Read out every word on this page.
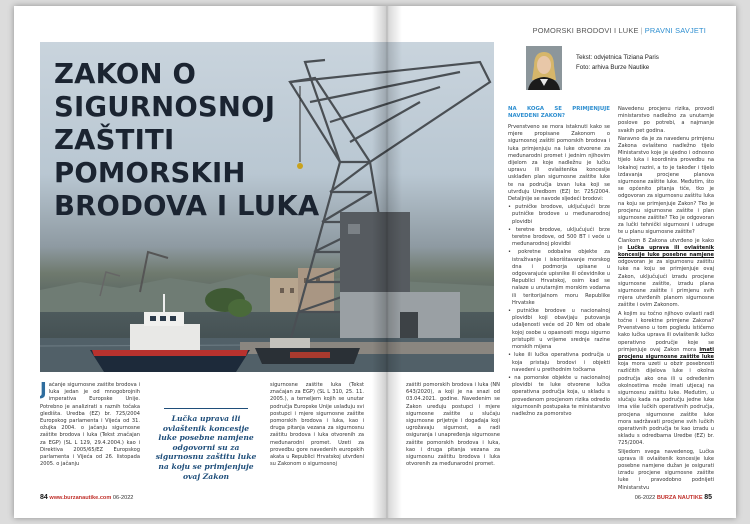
ZAKON O
SIGURNOSNOJ
ZAŠTITI
POMORSKIH
BRODOVA I LUKA
Jačanje sigurnosne zaštite brodova i luka jedan je od mnogobrojnih imperativa Europske Unije. Potrebno je analizirati s raznih točaka gledišta. Uredba (EZ) br. 725/2004 Europskog parlamenta i Vijeća od 31. ožujka 2004. o jačanju sigurnosne zaštite brodova i luka (Tekst značajan za EGP) (SL L 129, 29.4.2004.) kao i Direktiva 2005/65/EZ Europskog parlamenta i Vijeća od 26. listopada 2005. o jačanju
Lučka uprava ili ovlaštenik koncesije luke posebne namjene odgovorni su za sigurnosnu zaštitu luke na koju se primjenjuje ovaj Zakon
sigurnosne zaštite luka (Tekst značajan za EGP) (SL L 310, 25. 11. 2005.), a temeljem kojih se unutar područja Europske Unije uslađuju svi postupci i mjere sigurnosne zaštite pomorskih brodova i luka, kao i druga pitanja vezana za sigurnosnu zaštitu brodova i luka otvorenih za međunarodni promet. Uzeti za provedbu gore navedenih europskih akata u Republici Hrvatskoj utvrđeni su Zakonom o sigurnosnoj
zaštiti pomorskih brodova i luka (NN 643/2020), a koji je na snazi od 03.04.2021. godine. Navedenim se Zakon uređuju postupci i mjere sigurnosne zaštite u slučaju sigurnosne prijetnje i događaja koji ugrožavaju sigurnost, a radi osiguranja i unapređenja sigurnosne zaštite pomorskih brodova i luka, kao i druga pitanja vezana za sigurnosnu zaštitu brodova i luka otvorenih za međunarodni promet.
POMORSKI BRODOVI I LUKE | PRAVNI SAVJETI
Tekst: odvjetnica Tiziana Paris
Foto: arhiva Burze Nautike
NA KOGA SE PRIMJENJUJE NAVEDENI ZAKON?

Prvenstveno se mora istaknuti kako se mjere propisane Zakonom o sigurnosnoj zaštiti pomorskih brodova i luka primjenjuju na luke otvorene za međunarodni promet i jednim njihovim dijelom za koje nadležnu je lučku upravu ili ovlaštenika koncesije usklađen plan sigurnosne zaštite luke te na područja izvan luka koji se utvrđuju Uredbom (EZ) br. 725/2004. Detaljnije se navode sljedeći brodovi:

• putničke brodove, uključujući brze putničke brodove u međunarodnoj plovidbi

• teretne brodove, uključujući brze teretne brodove, od 500 BT i veće u međunarodnoj plovidbi

• pokretne odobalne objekte za istraživanje i iskorištavanje morskog dna i podmorja upisane u odgovarajuće upisnike ili očevidnike u Republici Hrvatskoj, osim kad se nalaze u unutarnjim morskim vodama ili teritorijalnom moru Republike Hrvatske

• putničke brodove u nacionalnoj plovidbi koji obavljaju putovanja udaljenosti veće od 20 Nm od obale kojoj osobe u opasnosti mogu sigurno pristupiti u vrijeme srednje razine morskih mijena

• luke ili lučka operativna područja u koja pristaju brodovi i objekti navedeni u prethodnim točkama

• na pomorske objekte u nacionalnoj plovidbi te luke otvorene lučka operativna područja koja, u skladu s provedenom procjenom rizika odredio sigurnosnih postupaka te ministarstvo nadležno za pomorstvo

Navedenu procjenu rizika, provodi ministarstvo nadležno za unutarnje poslove po potrebi, a najmanje svakih pet godina.

Naravno da je za navedenu primjenu Zakona ovlašteno nadležno tijelo Ministarstvo koje je ujedno i odnosno tijelo luka i koordinira provedbu na lokalnoj razini, a to je također i tijelo izdavanja procjene planova sigurnosne zaštite luke. Međutim, što se općenito pitanja tiče, tko je odgovoran za sigurnosnu zaštitu luka na koju se primjenjuje Zakon? Tko je procjenu sigurnosne zaštite i plan sigurnosne zaštite? Tko je odgovoran za lučki tehnički sigurnosni i udruge te u planu sigurnosne zaštite?

Člankom 8 Zakona utvrđeno je kako je Lučka uprava ili ovlaštenik koncesije luke posebne namjene odgovoran je za sigurnosnu zaštitu luke na koju se primjenjuje ovaj Zakon, uključujući izradu procjene sigurnosne zaštite, izradu plana sigurnosne zaštite i primjenu svih mjera utvrđenih planom sigurnosne zaštite i ovim Zakonom.

A kojim su točno njihovo ovlasti radi točne i korektne primjene Zakona? Prvenstveno u tom pogledu ističemo kako lučka uprava ili ovlaštenik lučko operativno područje koje se primjenjuje ovaj Zakon mora imati procjenu sigurnosne zaštite luke koja mora uzeti u obzir posebnosti različitih dijelova luke i okolna područja ako ona ili u određenim okolnostima može imati utjecaj na sigurnosnu zaštitu luke. Međutim, u slučaju kada na području jedne luke ima više lučkih operativnih područja, procjena sigurnosne zaštite luke mora sadržavati procjene svih lučkih operativnih područja te kao izradu u skladu s odredbama Uredbe (EZ) br. 725/2004.

Slijedom svega navedenog, Lučka uprava ili ovlaštenik koncesije luke posebne namjene dužan je osigurati izradu procjene sigurnosne zaštite luke i pravodobno podnijeti Ministarstvu

84 www.burzanautike.com 06-2022	06-2022 BURZA NAUTIKE 85
